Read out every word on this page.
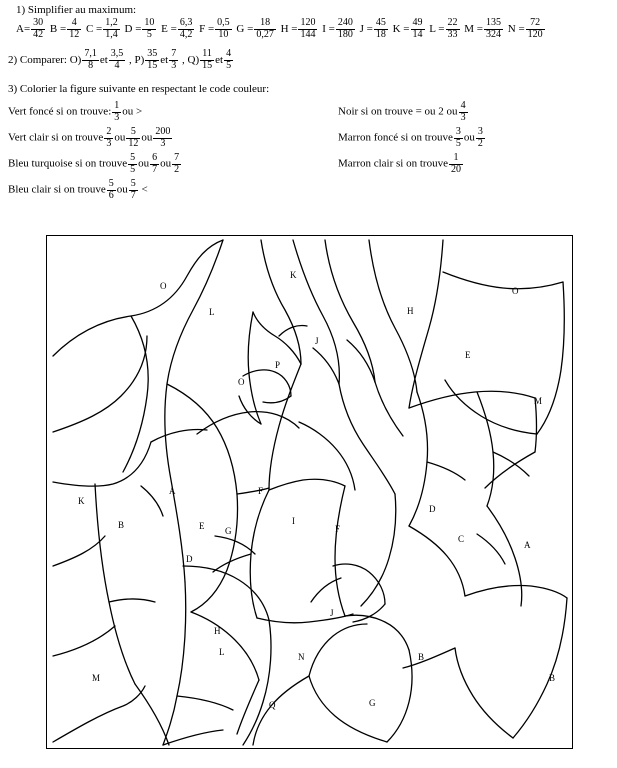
1) Simplifier au maximum:
$A= \frac{30}{42}$ $B = \frac{4}{12}$ $C = \frac{1,2}{1,4}$ $D = \frac{10}{5}$ $E = \frac{6,3}{4,2}$ $F = \frac{0,5}{10}$ $G = \frac{18}{0,27}$ $H = \frac{120}{144}$ $I = \frac{240}{180}$ $J = \frac{45}{18}$ $K = \frac{49}{14}$ $L = \frac{22}{33}$ $M = \frac{135}{324}$ $N = \frac{72}{120}$
2) Comparer: $O) \frac{7,1}{8}$ et $\frac{3,5}{4}$ , $P) \frac{35}{15}$ et $\frac{7}{3}$ , $Q) \frac{11}{15}$ et $\frac{4}{5}$
3) Colorier la figure suivante en respectant le code couleur:
Vert foncé si on trouve: $\frac{1}{3}$ ou >	Noir si on trouve = ou 2 ou $\frac{4}{3}$
Vert clair si on trouve $\frac{2}{3}$ ou $\frac{5}{12}$ ou $\frac{200}{3}$	Marron foncé si on trouve $\frac{3}{5}$ ou $\frac{3}{2}$
Bleu turquoise si on trouve $\frac{5}{5}$ ou $\frac{6}{7}$ ou $\frac{7}{2}$	Marron clair si on trouve $\frac{1}{20}$
Bleu clair si on trouve $\frac{5}{6}$ ou $\frac{5}{7}$ <
O
L
K
H
O
J
E
P
O
M
K
A	F
D
B	E G
I
F
C
A
D
J
H
L	N	B
M
Q	G
B
